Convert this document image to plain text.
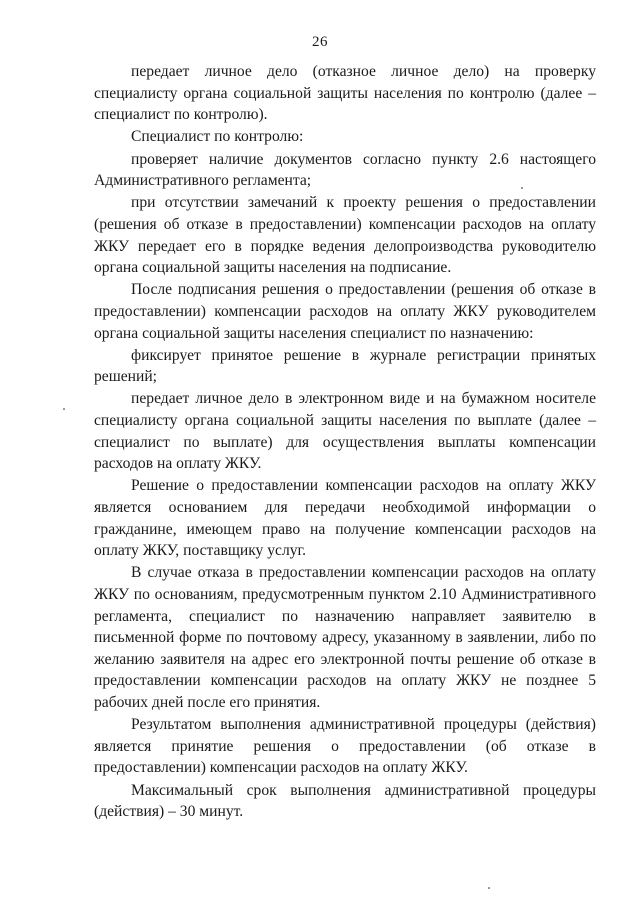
26

передает личное дело (отказное личное дело) на проверку специалисту органа социальной защиты населения по контролю (далее – специалист по контролю).

Специалист по контролю:

проверяет наличие документов согласно пункту 2.6 настоящего Административного регламента;

при отсутствии замечаний к проекту решения о предоставлении (решения об отказе в предоставлении) компенсации расходов на оплату ЖКУ передает его в порядке ведения делопроизводства руководителю органа социальной защиты населения на подписание.

После подписания решения о предоставлении (решения об отказе в предоставлении) компенсации расходов на оплату ЖКУ руководителем органа социальной защиты населения специалист по назначению:

фиксирует принятое решение в журнале регистрации принятых решений;

передает личное дело в электронном виде и на бумажном носителе специалисту органа социальной защиты населения по выплате (далее – специалист по выплате) для осуществления выплаты компенсации расходов на оплату ЖКУ.

Решение о предоставлении компенсации расходов на оплату ЖКУ является основанием для передачи необходимой информации о гражданине, имеющем право на получение компенсации расходов на оплату ЖКУ, поставщику услуг.

В случае отказа в предоставлении компенсации расходов на оплату ЖКУ по основаниям, предусмотренным пунктом 2.10 Административного регламента, специалист по назначению направляет заявителю в письменной форме по почтовому адресу, указанному в заявлении, либо по желанию заявителя на адрес его электронной почты решение об отказе в предоставлении компенсации расходов на оплату ЖКУ не позднее 5 рабочих дней после его принятия.

Результатом выполнения административной процедуры (действия) является принятие решения о предоставлении (об отказе в предоставлении) компенсации расходов на оплату ЖКУ.

Максимальный срок выполнения административной процедуры (действия) – 30 минут.
